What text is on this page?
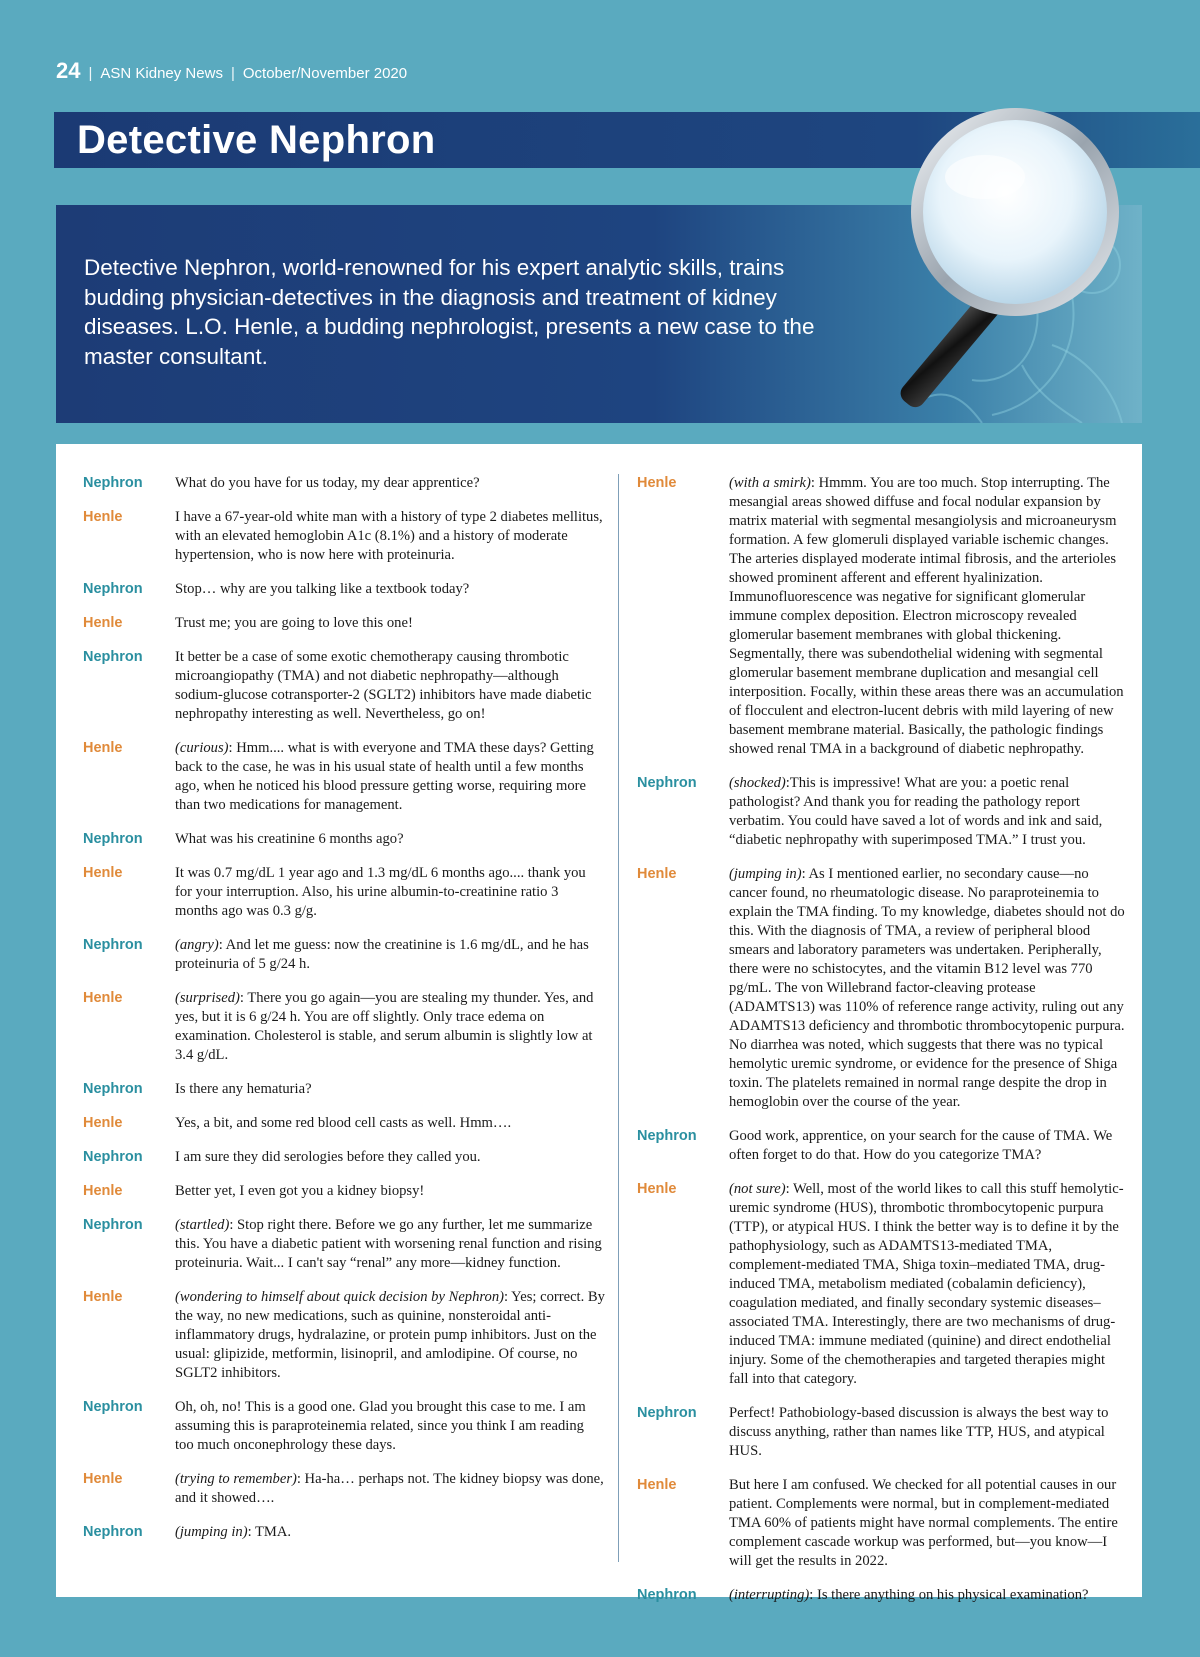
24 | ASN Kidney News | October/November 2020
Detective Nephron
Detective Nephron, world-renowned for his expert analytic skills, trains budding physician-detectives in the diagnosis and treatment of kidney diseases. L.O. Henle, a budding nephrologist, presents a new case to the master consultant.
Nephron	What do you have for us today, my dear apprentice?
Henle	I have a 67-year-old white man with a history of type 2 diabetes mellitus, with an elevated hemoglobin A1c (8.1%) and a history of moderate hypertension, who is now here with proteinuria.
Nephron	Stop… why are you talking like a textbook today?
Henle	Trust me; you are going to love this one!
Nephron	It better be a case of some exotic chemotherapy causing thrombotic microangiopathy (TMA) and not diabetic nephropathy—although sodium-glucose cotransporter-2 (SGLT2) inhibitors have made diabetic nephropathy interesting as well. Nevertheless, go on!
Henle	(curious): Hmm.... what is with everyone and TMA these days? Getting back to the case, he was in his usual state of health until a few months ago, when he noticed his blood pressure getting worse, requiring more than two medications for management.
Nephron	What was his creatinine 6 months ago?
Henle	It was 0.7 mg/dL 1 year ago and 1.3 mg/dL 6 months ago.... thank you for your interruption. Also, his urine albumin-to-creatinine ratio 3 months ago was 0.3 g/g.
Nephron	(angry): And let me guess: now the creatinine is 1.6 mg/dL, and he has proteinuria of 5 g/24 h.
Henle	(surprised): There you go again—you are stealing my thunder. Yes, and yes, but it is 6 g/24 h. You are off slightly. Only trace edema on examination. Cholesterol is stable, and serum albumin is slightly low at 3.4 g/dL.
Nephron	Is there any hematuria?
Henle	Yes, a bit, and some red blood cell casts as well. Hmm….
Nephron	I am sure they did serologies before they called you.
Henle	Better yet, I even got you a kidney biopsy!
Nephron	(startled): Stop right there. Before we go any further, let me summarize this. You have a diabetic patient with worsening renal function and rising proteinuria. Wait... I can't say “renal” any more—kidney function.
Henle	(wondering to himself about quick decision by Nephron): Yes; correct. By the way, no new medications, such as quinine, nonsteroidal anti-inflammatory drugs, hydralazine, or protein pump inhibitors. Just on the usual: glipizide, metformin, lisinopril, and amlodipine. Of course, no SGLT2 inhibitors.
Nephron	Oh, oh, no! This is a good one. Glad you brought this case to me. I am assuming this is paraproteinemia related, since you think I am reading too much onconephrology these days.
Henle	(trying to remember): Ha-ha… perhaps not. The kidney biopsy was done, and it showed….
Nephron	(jumping in): TMA.
Henle	(with a smirk): Hmmm. You are too much. Stop interrupting. The mesangial areas showed diffuse and focal nodular expansion by matrix material with segmental mesangiolysis and microaneurysm formation. A few glomeruli displayed variable ischemic changes. The arteries displayed moderate intimal fibrosis, and the arterioles showed prominent afferent and efferent hyalinization. Immunofluorescence was negative for significant glomerular immune complex deposition. Electron microscopy revealed glomerular basement membranes with global thickening. Segmentally, there was subendothelial widening with segmental glomerular basement membrane duplication and mesangial cell interposition. Focally, within these areas there was an accumulation of flocculent and electron-lucent debris with mild layering of new basement membrane material. Basically, the pathologic findings showed renal TMA in a background of diabetic nephropathy.
Nephron	(shocked):This is impressive! What are you: a poetic renal pathologist? And thank you for reading the pathology report verbatim. You could have saved a lot of words and ink and said, “diabetic nephropathy with superimposed TMA.” I trust you.
Henle	(jumping in): As I mentioned earlier, no secondary cause—no cancer found, no rheumatologic disease. No paraproteinemia to explain the TMA finding. To my knowledge, diabetes should not do this. With the diagnosis of TMA, a review of peripheral blood smears and laboratory parameters was undertaken. Peripherally, there were no schistocytes, and the vitamin B12 level was 770 pg/mL. The von Willebrand factor-cleaving protease (ADAMTS13) was 110% of reference range activity, ruling out any ADAMTS13 deficiency and thrombotic thrombocytopenic purpura. No diarrhea was noted, which suggests that there was no typical hemolytic uremic syndrome, or evidence for the presence of Shiga toxin. The platelets remained in normal range despite the drop in hemoglobin over the course of the year.
Nephron	Good work, apprentice, on your search for the cause of TMA. We often forget to do that. How do you categorize TMA?
Henle	(not sure): Well, most of the world likes to call this stuff hemolytic-uremic syndrome (HUS), thrombotic thrombocytopenic purpura (TTP), or atypical HUS. I think the better way is to define it by the pathophysiology, such as ADAMTS13-mediated TMA, complement-mediated TMA, Shiga toxin–mediated TMA, drug-induced TMA, metabolism mediated (cobalamin deficiency), coagulation mediated, and finally secondary systemic diseases–associated TMA. Interestingly, there are two mechanisms of drug-induced TMA: immune mediated (quinine) and direct endothelial injury. Some of the chemotherapies and targeted therapies might fall into that category.
Nephron	Perfect! Pathobiology-based discussion is always the best way to discuss anything, rather than names like TTP, HUS, and atypical HUS.
Henle	But here I am confused. We checked for all potential causes in our patient. Complements were normal, but in complement-mediated TMA 60% of patients might have normal complements. The entire complement cascade workup was performed, but—you know—I will get the results in 2022.
Nephron	(interrupting): Is there anything on his physical examination?
